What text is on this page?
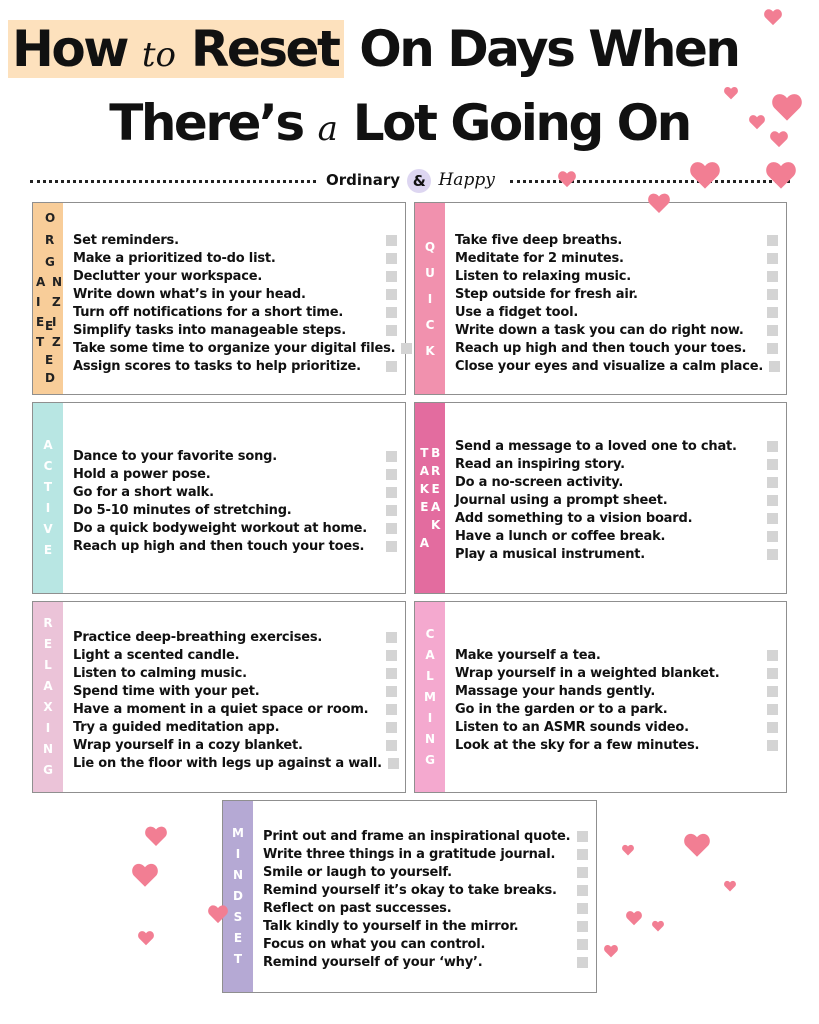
How to Reset On Days When
There’s a Lot Going On
Ordinary & Happy
O
R
G
A N
I Z
E
D
E
T
I
Z
E
Set reminders.
Make a prioritized to-do list.
Declutter your workspace.
Write down what’s in your head.
Turn off notifications for a short time.
Simplify tasks into manageable steps.
Take some time to organize your digital files.
Assign scores to tasks to help prioritize.
Q
U
I
C
K
Take five deep breaths.
Meditate for 2 minutes.
Listen to relaxing music.
Step outside for fresh air.
Use a fidget tool.
Write down a task you can do right now.
Reach up high and then touch your toes.
Close your eyes and visualize a calm place.
A
C
T
I
V
E
Dance to your favorite song.
Hold a power pose.
Go for a short walk.
Do 5-10 minutes of stretching.
Do a quick bodyweight workout at home.
Reach up high and then touch your toes.
T
A
K
E

A
B
R
E
A
K
Send a message to a loved one to chat.
Read an inspiring story.
Do a no-screen activity.
Journal using a prompt sheet.
Add something to a vision board.
Have a lunch or coffee break.
Play a musical instrument.
R
E
L
A
X
I
N
G
Practice deep-breathing exercises.
Light a scented candle.
Listen to calming music.
Spend time with your pet.
Have a moment in a quiet space or room.
Try a guided meditation app.
Wrap yourself in a cozy blanket.
Lie on the floor with legs up against a wall.
C
A
L
M
I
N
G
Make yourself a tea.
Wrap yourself in a weighted blanket.
Massage your hands gently.
Go in the garden or to a park.
Listen to an ASMR sounds video.
Look at the sky for a few minutes.
M
I
N
D
S
E
T
Print out and frame an inspirational quote.
Write three things in a gratitude journal.
Smile or laugh to yourself.
Remind yourself it’s okay to take breaks.
Reflect on past successes.
Talk kindly to yourself in the mirror.
Focus on what you can control.
Remind yourself of your ‘why’.
